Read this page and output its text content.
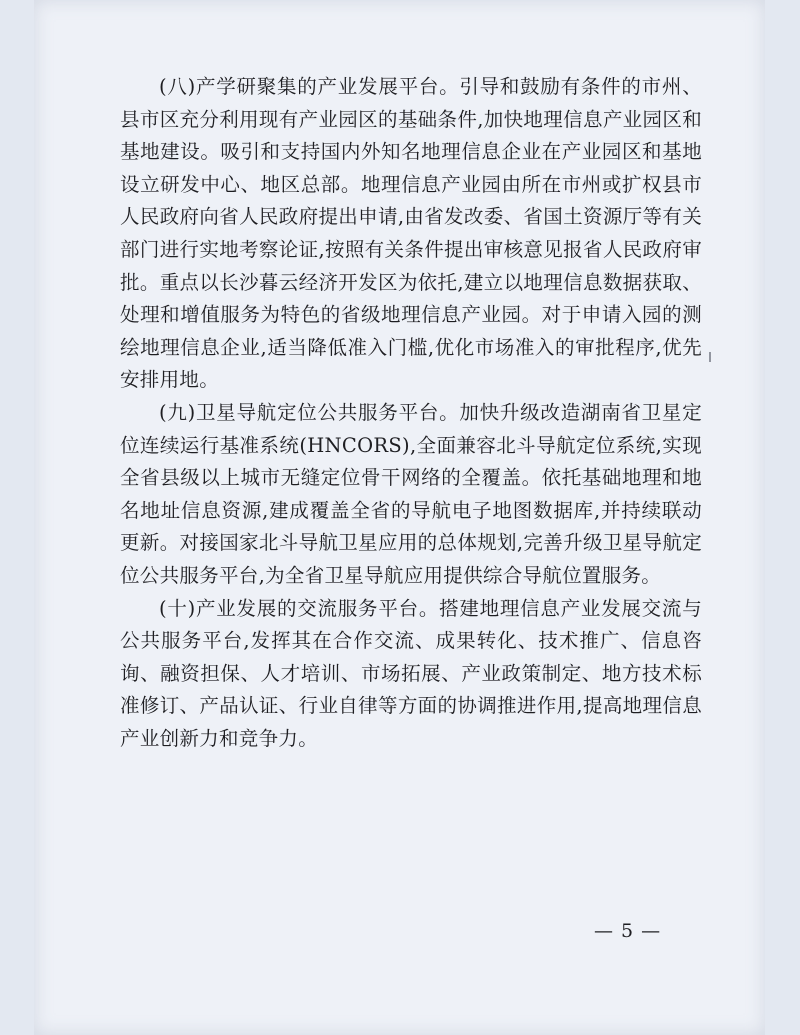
(八)产学研聚集的产业发展平台。引导和鼓励有条件的市州、县市区充分利用现有产业园区的基础条件,加快地理信息产业园区和基地建设。吸引和支持国内外知名地理信息企业在产业园区和基地设立研发中心、地区总部。地理信息产业园由所在市州或扩权县市人民政府向省人民政府提出申请,由省发改委、省国土资源厅等有关部门进行实地考察论证,按照有关条件提出审核意见报省人民政府审批。重点以长沙暮云经济开发区为依托,建立以地理信息数据获取、处理和增值服务为特色的省级地理信息产业园。对于申请入园的测绘地理信息企业,适当降低准入门槛,优化市场准入的审批程序,优先安排用地。

(九)卫星导航定位公共服务平台。加快升级改造湖南省卫星定位连续运行基准系统(HNCORS),全面兼容北斗导航定位系统,实现全省县级以上城市无缝定位骨干网络的全覆盖。依托基础地理和地名地址信息资源,建成覆盖全省的导航电子地图数据库,并持续联动更新。对接国家北斗导航卫星应用的总体规划,完善升级卫星导航定位公共服务平台,为全省卫星导航应用提供综合导航位置服务。

(十)产业发展的交流服务平台。搭建地理信息产业发展交流与公共服务平台,发挥其在合作交流、成果转化、技术推广、信息咨询、融资担保、人才培训、市场拓展、产业政策制定、地方技术标准修订、产品认证、行业自律等方面的协调推进作用,提高地理信息产业创新力和竞争力。

— 5 —
